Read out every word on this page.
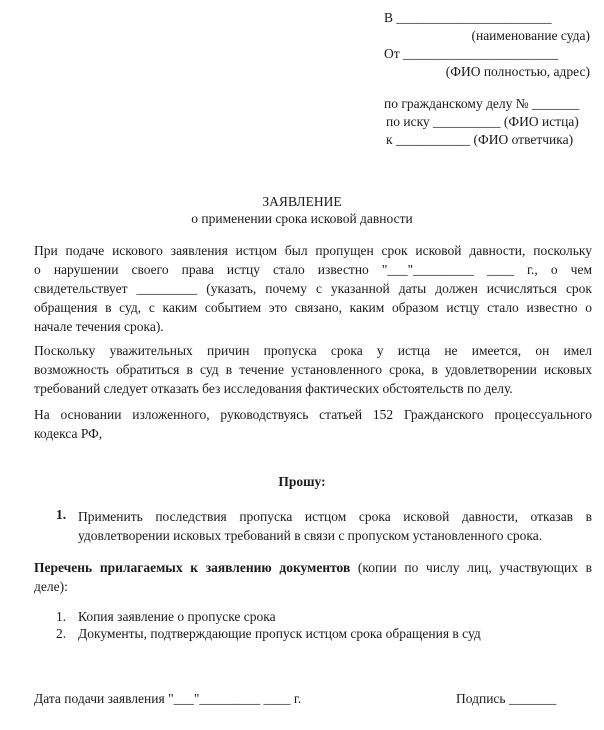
В _______________________
(наименование суда)
От _______________________
(ФИО полностью, адрес)
по гражданскому делу № _______
по иску __________ (ФИО истца)
к ___________ (ФИО ответчика)
ЗАЯВЛЕНИЕ
о применении срока исковой давности
При подаче искового заявления истцом был пропущен срок исковой давности, поскольку
о нарушении своего права истцу стало известно "___"_________ ____ г., о чем
свидетельствует _________ (указать, почему с указанной даты должен исчисляться срок
обращения в суд, с каким событием это связано, каким образом истцу стало известно о
начале течения срока).
Поскольку уважительных причин пропуска срока у истца не имеется, он имел
возможность обратиться в суд в течение установленного срока, в удовлетворении исковых
требований следует отказать без исследования фактических обстоятельств по делу.
На основании изложенного, руководствуясь статьей 152 Гражданского процессуального
кодекса РФ,
Прошу:
1. Применить последствия пропуска истцом срока исковой давности, отказав в
удовлетворении исковых требований в связи с пропуском установленного срока.
Перечень прилагаемых к заявлению документов (копии по числу лиц, участвующих в
деле):
1. Копия заявление о пропуске срока
2. Документы, подтверждающие пропуск истцом срока обращения в суд
Дата подачи заявления "___"_________ ____ г.	Подпись _______
